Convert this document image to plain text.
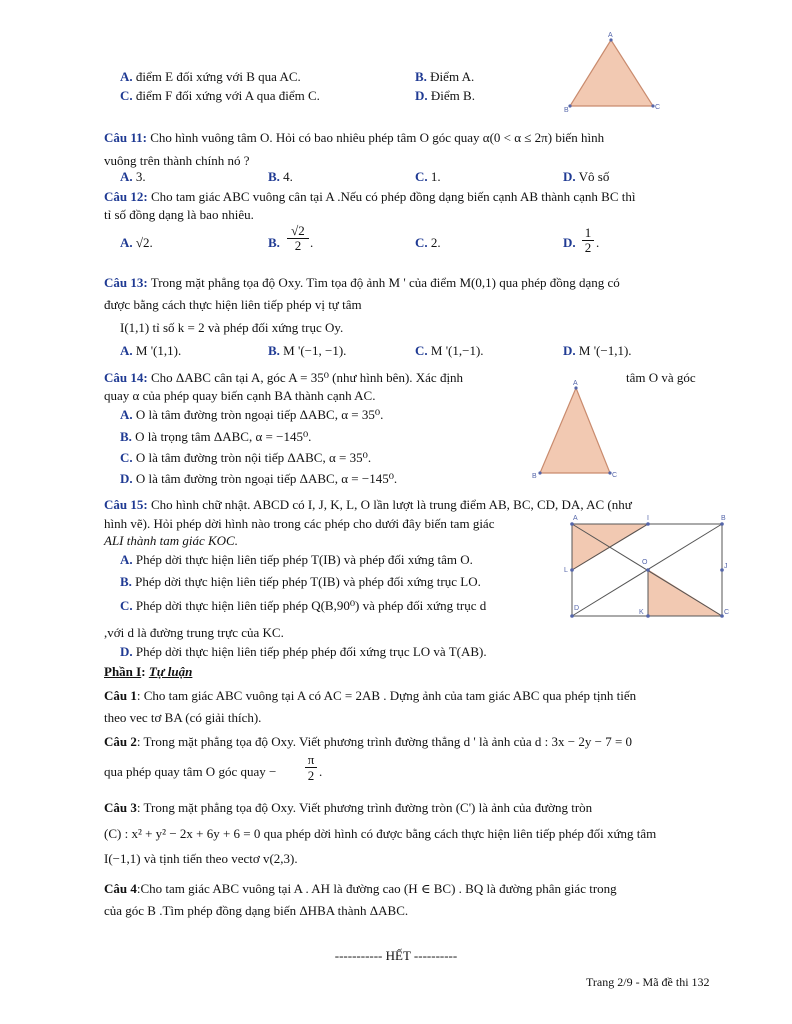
A. điểm E đối xứng với B qua AC.	B. Điểm A.
C. điểm F đối xứng với A qua điểm C.	D. Điểm B.
A
B	C
Câu 11: Cho hình vuông tâm O. Hỏi có bao nhiêu phép tâm O góc quay α(0 < α ≤ 2π) biến hình
vuông trên thành chính nó ?
A. 3.	B. 4.	C. 1.	D. Vô số
Câu 12: Cho tam giác ABC vuông cân tại A .Nếu có phép đồng dạng biến cạnh AB thành cạnh BC thì
tỉ số đồng dạng là bao nhiêu.
A. √2.	B.
√2
2 .	C. 2.	D.
1
2 .
Câu 13: Trong mặt phẳng tọa độ Oxy. Tìm tọa độ ảnh M ' của điểm M(0,1) qua phép đồng dạng có
được bằng cách thực hiện liên tiếp phép vị tự tâm
I(1,1) tỉ số k = 2 và phép đối xứng trục Oy.
A. M '(1,1).	B. M '(−1, −1).	C. M '(1,−1).	D. M '(−1,1).
Câu 14: Cho ΔABC cân tại A, góc A = 35⁰ (như hình bên). Xác định	tâm O và góc
quay α của phép quay biến cạnh BA thành cạnh AC.
A. O là tâm đường tròn ngoại tiếp ΔABC, α = 35⁰.
B. O là trọng tâm ΔABC, α = −145⁰.
C. O là tâm đường tròn nội tiếp ΔABC, α = 35⁰.
D. O là tâm đường tròn ngoại tiếp ΔABC, α = −145⁰.
A
B	C
Câu 15: Cho hình chữ nhật. ABCD có I, J, K, L, O lần lượt là trung điểm AB, BC, CD, DA, AC (như
hình vẽ). Hỏi phép dời hình nào trong các phép cho dưới đây biến tam giác
ALI thành tam giác KOC.
A. Phép dời thực hiện liên tiếp phép T(IB) và phép đối xứng tâm O.
B. Phép dời thực hiện liên tiếp phép T(IB) và phép đối xứng trục LO.
C. Phép dời thực hiện liên tiếp phép Q(B,90⁰) và phép đối xứng trục d
,với d là đường trung trực của KC.
D. Phép dời thực hiện liên tiếp phép phép đối xứng trục LO và T(AB).
A	I	B
L
O
J
D
K	C
Phần I: Tự luận
Câu 1: Cho tam giác ABC vuông tại A có AC = 2AB . Dựng ảnh của tam giác ABC qua phép tịnh tiến
theo vec tơ BA (có giải thích).
Câu 2: Trong mặt phẳng tọa độ Oxy. Viết phương trình đường thẳng d ' là ảnh của d : 3x − 2y − 7 = 0
qua phép quay tâm O góc quay −
π
2 .
Câu 3: Trong mặt phẳng tọa độ Oxy. Viết phương trình đường tròn (C') là ảnh của đường tròn
(C) : x² + y² − 2x + 6y + 6 = 0 qua phép dời hình có được bằng cách thực hiện liên tiếp phép đối xứng tâm
I(−1,1) và tịnh tiến theo vectơ v(2,3).
Câu 4:Cho tam giác ABC vuông tại A . AH là đường cao (H ∈ BC) . BQ là đường phân giác trong
của góc B .Tìm phép đồng dạng biến ΔHBA thành ΔABC.
----------- HẾT ----------
Trang 2/9 - Mã đề thi 132
